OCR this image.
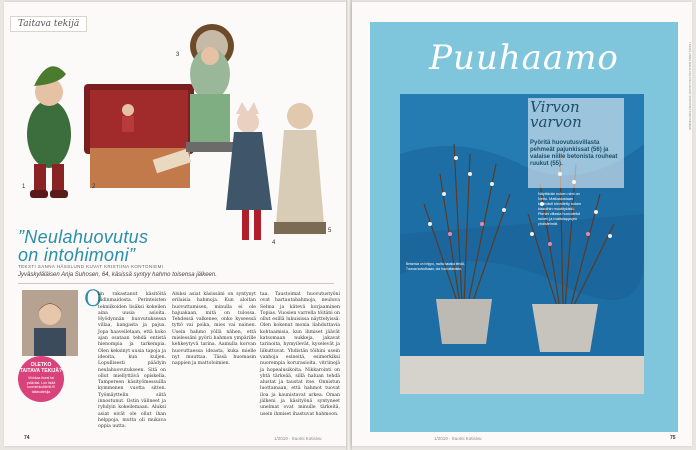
Taitava tekijä
1	2
3
4
5
”Neulahuovutus
on intohimoni”
TEKSTI SANNA HÄSSLUND KUVAT KRISTIINA KONTONIEMI
Jyväskyläläisen Anja Suhosen, 64, käsissä syntyy hahmo toisensa jälkeen.
OLETKO
TAITAVA TEKIJÄ?
Vinkkaa itsesi tai ystäväsi. Lue lisää suomenkotilehti.fi/ taitavatekija
O
lin rakastanut käsitöitä äidinmaidosta. Perinteisten tekniikoiden lisäksi kokeilen aina uusia asioita. Hyödynnän huovutuksessa villaa, kangasta ja pajua. Jopa haaveiletaan, että koko ajan osataan tehdä entistä hienompia ja tarkempia. Olen keksinyt uusia tapoja ja ideoita, kun kuljen. Lopullisesti päädyin neulahuovutukseen. Sitä on ollut miellyttävä opiskella. Tampereen käsityömessuilla kymmenen vuotta sitten. Työmäyttelin siitä innostunut. Ostin välineet ja ryhdyin kokeilemaan. Aluksi asiat eivät ole ollut ihan helppoja, mutta oli mukava oppia uutta.
Aluksi asiat käsissäni on syntynyt erilaisia hahmoja. Kun aloitan huovuttamisen, minulla ei ole hajuakaan, mitä on tulossa. Tehdessä valkenee, onko kyseessä tyttö vai poika, mies vai nainen. Usein hahmo yöllä nähen, että mielessäni pyörii hahmon ympärille kehkeytyvä tarina. Aamulla korvan huovuttaessa ideasta, kuka mielle nyt muuttaa. Tässä huomasin nappien ja mattoloimien.
taa. Taustoimat huovutustyöni ovat hartautahahmoja, neuluva Selma ja kätevä korjaaminen Topias. Vuosien varrella töitäni on ollut esillä lukuisissa näyttelyissä. Olen kokenut monia ilahduttavia kohtaamisia, kun ihmiset jäävät katsomaan nukkeja, jakavat tarinoita, hymyilevät, kyselevät ja liikuttuvat. Yhdistän töihini usein vanhoja esineitä, esimerkiksi nuorempia korurasioita, vitriinejä ja hopealusikoita. Nikkarointi on yhtä tärkeää, sillä haluan tehdä alustat ja taustat itse. Onnistun luottamaan, että hahmot tuovat iloa ja kaunistavat arkea. Oman jälkeni ja käsityönä syntyneet unelmat ovat minulle tärkeitä, usein ihmiset ihastuvat hahmoon.
74	1/2019 · Suomi Kotisivu
Puuhaamo
Virvon
varvon
Pyöritä huovutusvillasta pehmeät pajunkissat (56) ja valaise niille betonista rouheat ruukut (55).
Näyttävän nuken nimi on Nettu. Mattoalustaan kätevästi kiinnitetty nuken kiskoihin muotitykistö. Pienet villasta huovutetut nuken ja mattolappujen yhdistelmät.
Betonisia on helppo, mutta hauska tehdä. Tuunaa kuivuttuaan, ota huovuttamista.
TEKIJÄ ANNA MAIJA PELTOLA KUVAT KRISTIINA KONTONIEMI
1/2019 · Suomi Kotisivu	75
